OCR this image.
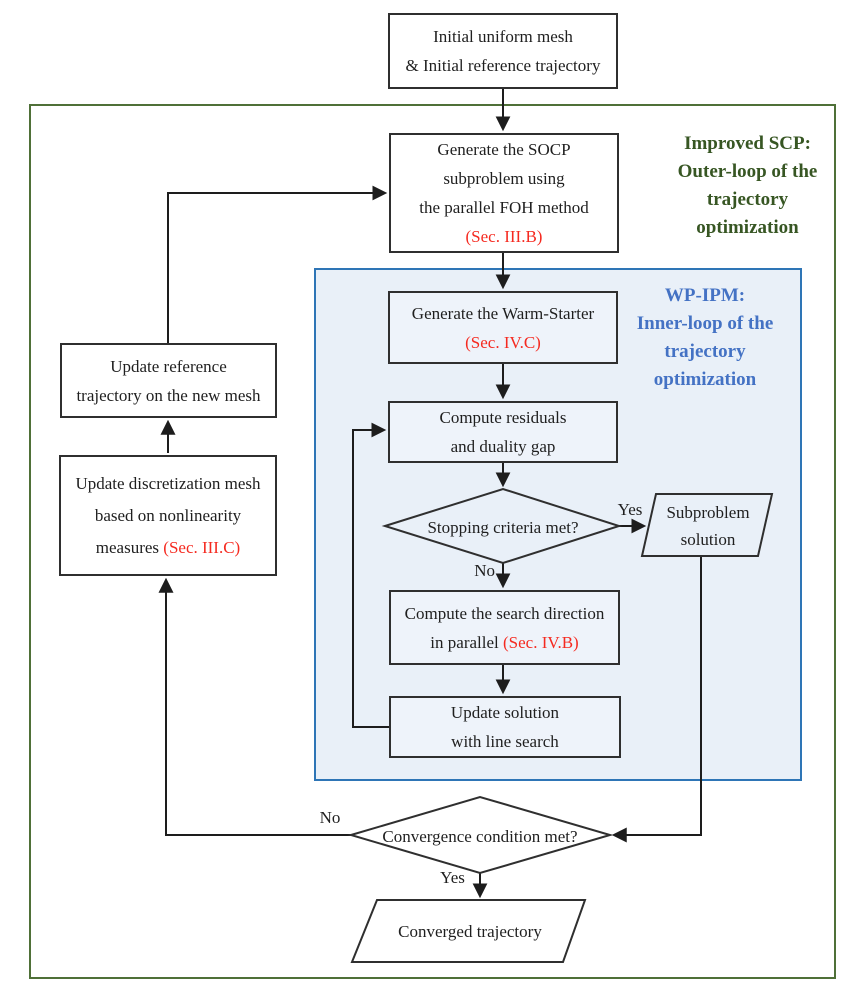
Initial uniform mesh
& Initial reference trajectory
Generate the SOCP
subproblem using
the parallel FOH method
(Sec. III.B)
Generate the Warm-Starter
(Sec. IV.C)
Compute residuals
and duality gap
Compute the search direction
in parallel (Sec. IV.B)
Update solution
with line search
Update reference
trajectory on the new mesh
Update discretization mesh
based on nonlinearity
measures (Sec. III.C)
Stopping criteria met?
Subproblem
solution
Convergence condition met?
Converged trajectory
Improved SCP:
Outer-loop of the
trajectory
optimization
WP-IPM:
Inner-loop of the
trajectory
optimization
Yes
No
No
Yes
